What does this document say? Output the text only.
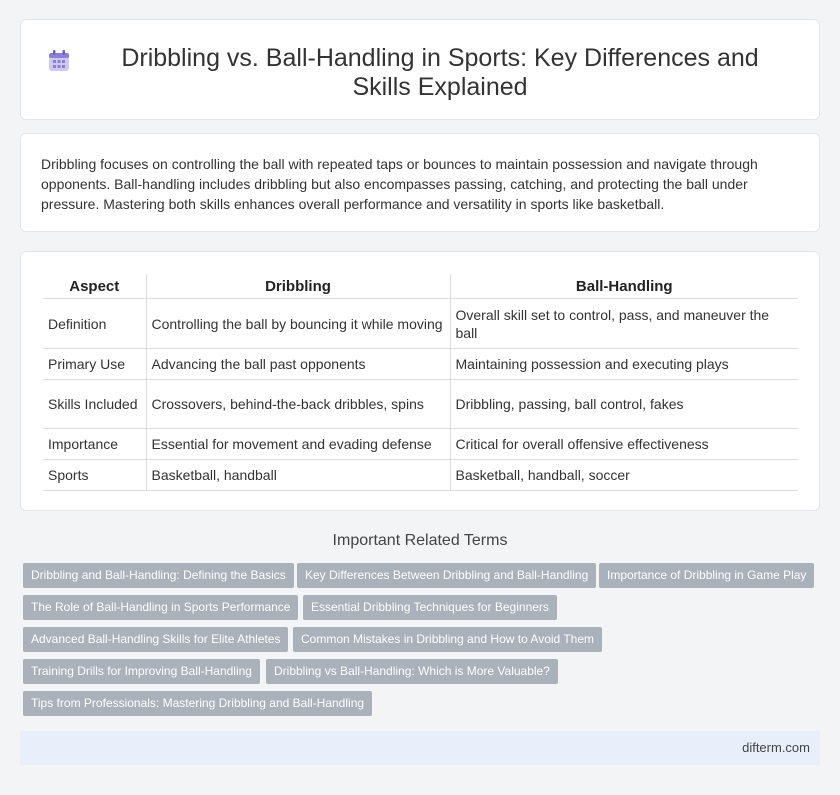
Dribbling vs. Ball-Handling in Sports: Key Differences and Skills Explained

Dribbling focuses on controlling the ball with repeated taps or bounces to maintain possession and navigate through opponents. Ball-handling includes dribbling but also encompasses passing, catching, and protecting the ball under pressure. Mastering both skills enhances overall performance and versatility in sports like basketball.

Aspect	Dribbling	Ball-Handling
Definition	Controlling the ball by bouncing it while moving	Overall skill set to control, pass, and maneuver the ball
Primary Use	Advancing the ball past opponents	Maintaining possession and executing plays
Skills Included	Crossovers, behind-the-back dribbles, spins	Dribbling, passing, ball control, fakes
Importance	Essential for movement and evading defense	Critical for overall offensive effectiveness
Sports	Basketball, handball	Basketball, handball, soccer
Important Related Terms
Dribbling and Ball-Handling: Defining the Basics	Key Differences Between Dribbling and Ball-Handling	Importance of Dribbling in Game Play
The Role of Ball-Handling in Sports Performance	Essential Dribbling Techniques for Beginners
Advanced Ball-Handling Skills for Elite Athletes	Common Mistakes in Dribbling and How to Avoid Them
Training Drills for Improving Ball-Handling	Dribbling vs Ball-Handling: Which is More Valuable?
Tips from Professionals: Mastering Dribbling and Ball-Handling
difterm.com
